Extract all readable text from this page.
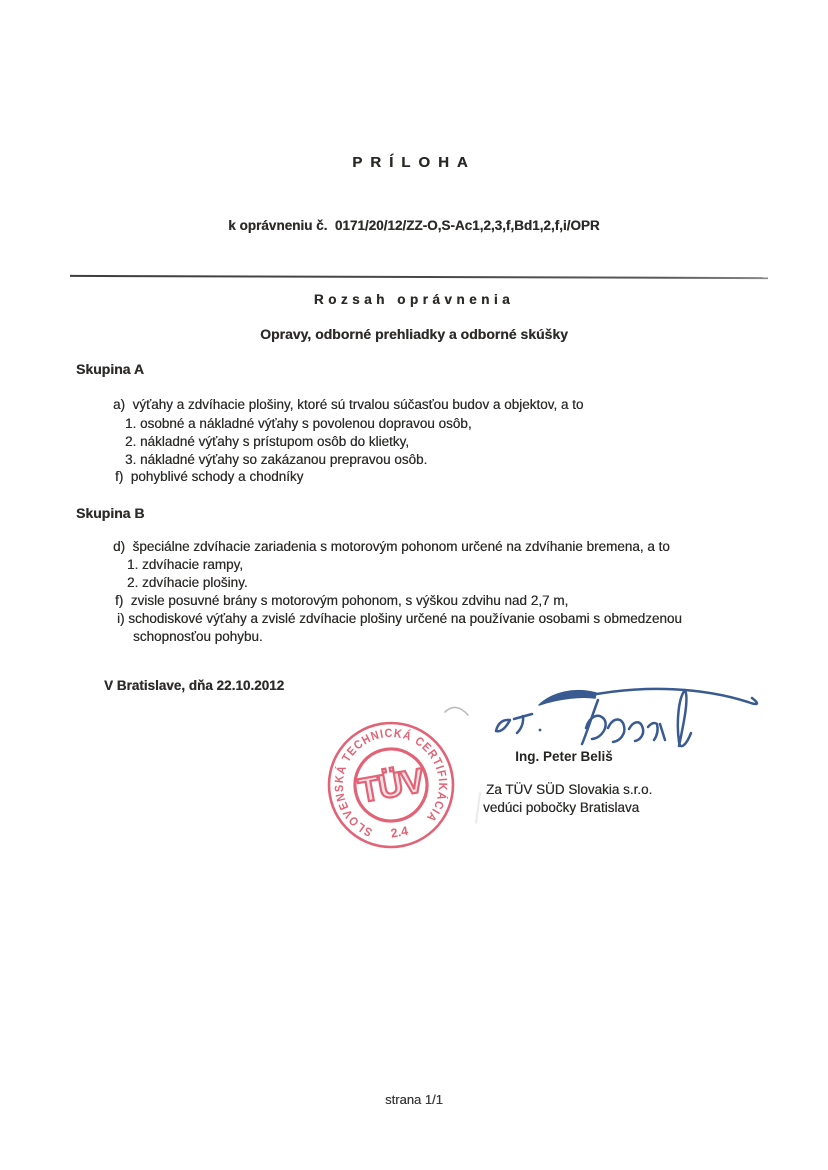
PRÍLOHA
k oprávneniu č.  0171/20/12/ZZ-O,S-Ac1,2,3,f,Bd1,2,f,i/OPR
Rozsah oprávnenia
Opravy, odborné prehliadky a odborné skúšky
Skupina A
a)  výťahy a zdvíhacie plošiny, ktoré sú trvalou súčasťou budov a objektov, a to
1. osobné a nákladné výťahy s povolenou dopravou osôb,
2. nákladné výťahy s prístupom osôb do klietky,
3. nákladné výťahy so zakázanou prepravou osôb.
f)  pohyblivé schody a chodníky
Skupina B
d)  špeciálne zdvíhacie zariadenia s motorovým pohonom určené na zdvíhanie bremena, a to
1. zdvíhacie rampy,
2. zdvíhacie plošiny.
f)  zvisle posuvné brány s motorovým pohonom, s výškou zdvihu nad 2,7 m,
i) schodiskové výťahy a zvislé zdvíhacie plošiny určené na používanie osobami s obmedzenou
schopnosťou pohybu.
V Bratislave, dňa 22.10.2012
Ing. Peter Beliš
Za TÜV SÜD Slovakia s.r.o.
vedúci pobočky Bratislava
SLOVENSKÁ TECHNICKÁ CERTIFIKÁCIA
TÜV
2.4
strana 1/1
